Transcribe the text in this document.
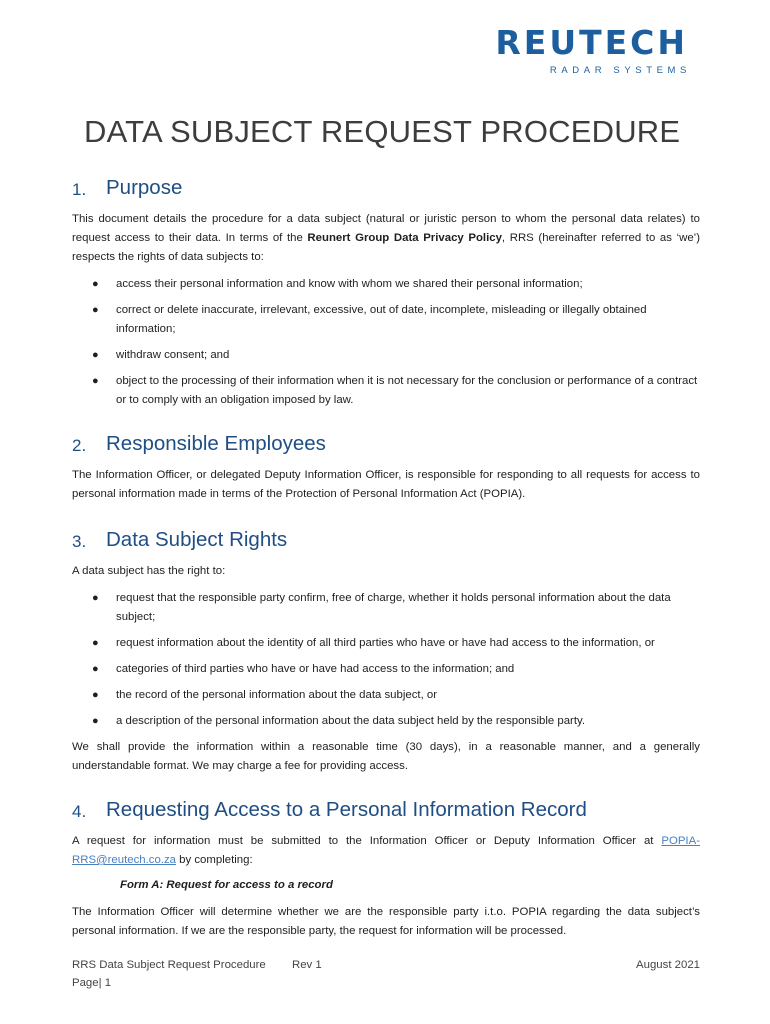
REUTECH
RADAR SYSTEMS
DATA SUBJECT REQUEST PROCEDURE
1. Purpose

This document details the procedure for a data subject (natural or juristic person to whom the personal data relates) to request access to their data. In terms of the Reunert Group Data Privacy Policy, RRS (hereinafter referred to as ‘we’) respects the rights of data subjects to:

● access their personal information and know with whom we shared their personal information;
● correct or delete inaccurate, irrelevant, excessive, out of date, incomplete, misleading or illegally obtained information;
● withdraw consent; and
● object to the processing of their information when it is not necessary for the conclusion or performance of a contract or to comply with an obligation imposed by law.
2. Responsible Employees

The Information Officer, or delegated Deputy Information Officer, is responsible for responding to all requests for access to personal information made in terms of the Protection of Personal Information Act (POPIA).

3. Data Subject Rights

A data subject has the right to:

● request that the responsible party confirm, free of charge, whether it holds personal information about the data subject;
● request information about the identity of all third parties who have or have had access to the information, or
● categories of third parties who have or have had access to the information; and
● the record of the personal information about the data subject, or
● a description of the personal information about the data subject held by the responsible party.

We shall provide the information within a reasonable time (30 days), in a reasonable manner, and a generally understandable format. We may charge a fee for providing access.

4. Requesting Access to a Personal Information Record

A request for information must be submitted to the Information Officer or Deputy Information Officer at POPIA-RRS@reutech.co.za by completing:

Form A: Request for access to a record

The Information Officer will determine whether we are the responsible party i.t.o. POPIA regarding the data subject’s personal information. If we are the responsible party, the request for information will be processed.

RRS Data Subject Request Procedure	Rev 1	August 2021
Page| 1
